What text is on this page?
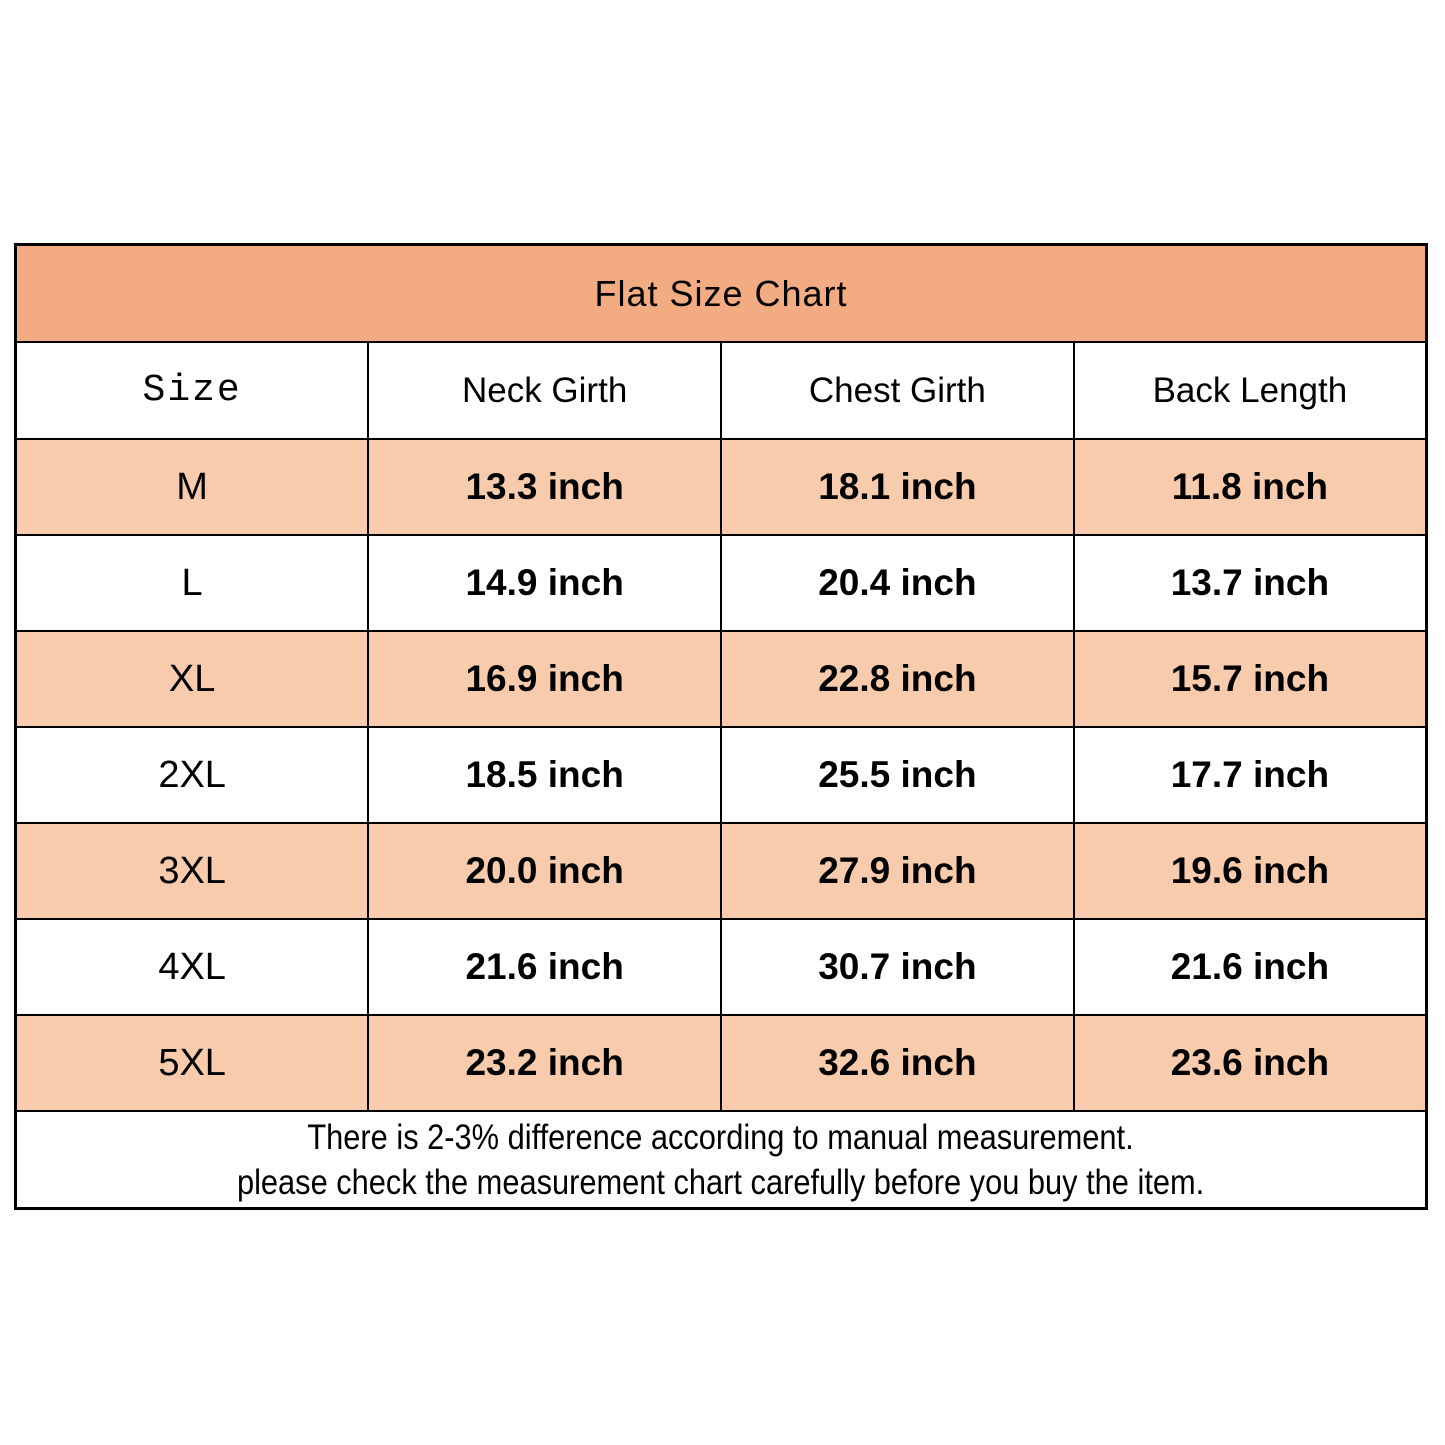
Flat Size Chart			
Size	Neck Girth	Chest Girth	Back Length
M	13.3 inch	18.1 inch	11.8 inch
L	14.9 inch	20.4 inch	13.7 inch
XL	16.9 inch	22.8 inch	15.7 inch
2XL	18.5 inch	25.5 inch	17.7 inch
3XL	20.0 inch	27.9 inch	19.6 inch
4XL	21.6 inch	30.7 inch	21.6 inch
5XL	23.2 inch	32.6 inch	23.6 inch
There is 2-3% difference according to manual measurement.
please check the measurement chart carefully before you buy the item.			
